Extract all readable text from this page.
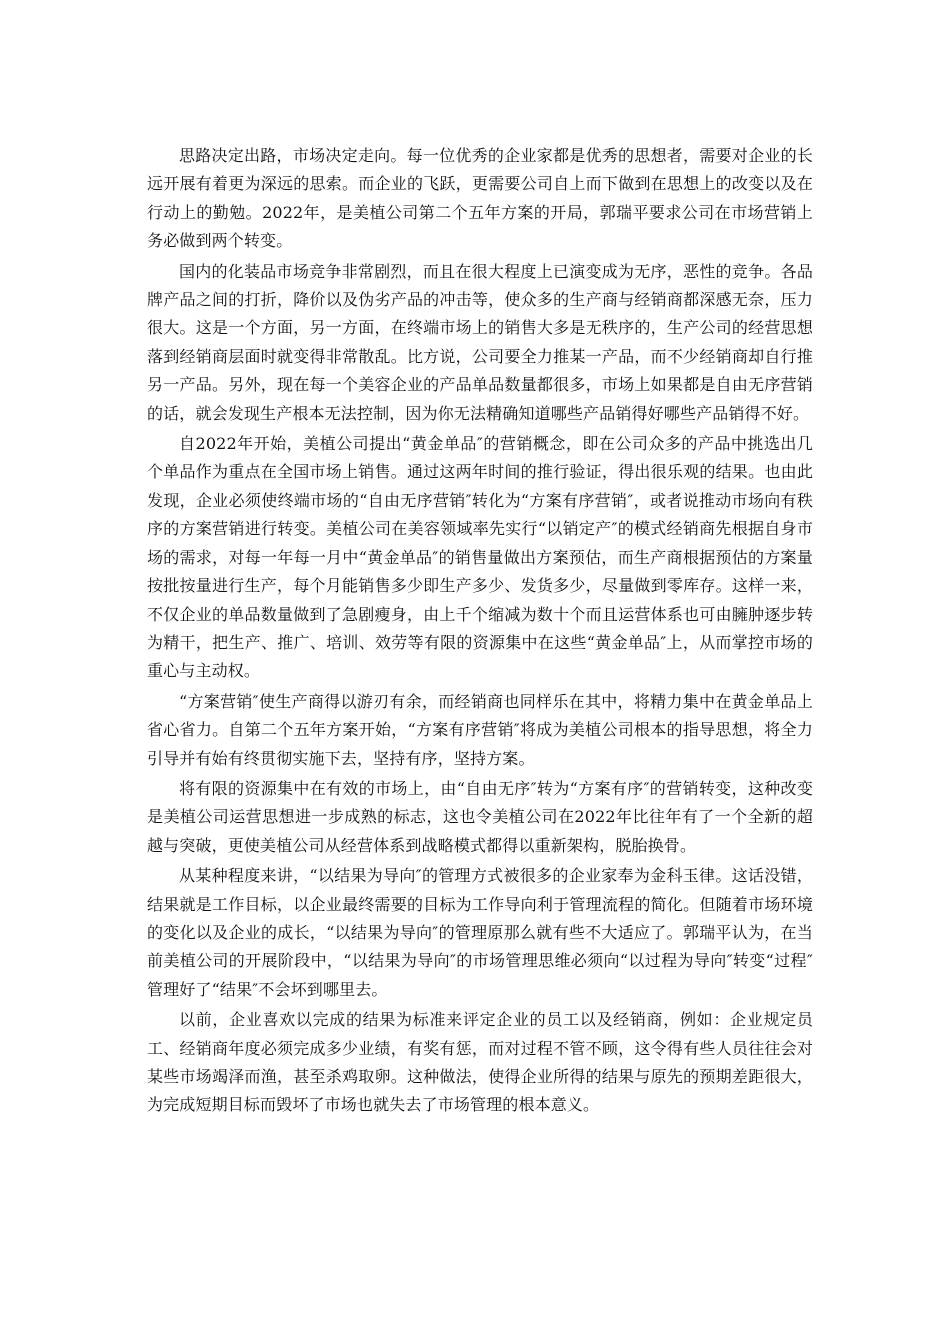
思路决定出路，市场决定走向。每一位优秀的企业家都是优秀的思想者，需要对企业的长远开展有着更为深远的思索。而企业的飞跃，更需要公司自上而下做到在思想上的改变以及在行动上的勤勉。2022年，是美植公司第二个五年方案的开局，郭瑞平要求公司在市场营销上务必做到两个转变。

国内的化装品市场竞争非常剧烈，而且在很大程度上已演变成为无序，恶性的竞争。各品牌产品之间的打折，降价以及伪劣产品的冲击等，使众多的生产商与经销商都深感无奈，压力很大。这是一个方面，另一方面，在终端市场上的销售大多是无秩序的，生产公司的经营思想落到经销商层面时就变得非常散乱。比方说，公司要全力推某一产品，而不少经销商却自行推另一产品。另外，现在每一个美容企业的产品单品数量都很多，市场上如果都是自由无序营销的话，就会发现生产根本无法控制，因为你无法精确知道哪些产品销得好哪些产品销得不好。

自2022年开始，美植公司提出“黄金单品″的营销概念，即在公司众多的产品中挑选出几个单品作为重点在全国市场上销售。通过这两年时间的推行验证，得出很乐观的结果。也由此发现，企业必须使终端市场的“自由无序营销″转化为“方案有序营销″，或者说推动市场向有秩序的方案营销进行转变。美植公司在美容领域率先实行“以销定产″的模式经销商先根据自身市场的需求，对每一年每一月中“黄金单品″的销售量做出方案预估，而生产商根据预估的方案量按批按量进行生产，每个月能销售多少即生产多少、发货多少，尽量做到零库存。这样一来，不仅企业的单品数量做到了急剧瘦身，由上千个缩减为数十个而且运营体系也可由臃肿逐步转为精干，把生产、推广、培训、效劳等有限的资源集中在这些“黄金单品″上，从而掌控市场的重心与主动权。

“方案营销″使生产商得以游刃有余，而经销商也同样乐在其中，将精力集中在黄金单品上省心省力。自第二个五年方案开始，“方案有序营销″将成为美植公司根本的指导思想，将全力引导并有始有终贯彻实施下去，坚持有序，坚持方案。

将有限的资源集中在有效的市场上，由“自由无序″转为“方案有序″的营销转变，这种改变是美植公司运营思想进一步成熟的标志，这也令美植公司在2022年比往年有了一个全新的超越与突破，更使美植公司从经营体系到战略模式都得以重新架构，脱胎换骨。

从某种程度来讲，“以结果为导向″的管理方式被很多的企业家奉为金科玉律。这话没错，结果就是工作目标，以企业最终需要的目标为工作导向利于管理流程的简化。但随着市场环境的变化以及企业的成长，“以结果为导向″的管理原那么就有些不大适应了。郭瑞平认为，在当前美植公司的开展阶段中，“以结果为导向″的市场管理思维必须向“以过程为导向″转变“过程″管理好了“结果″不会坏到哪里去。

以前，企业喜欢以完成的结果为标准来评定企业的员工以及经销商，例如：企业规定员工、经销商年度必须完成多少业绩，有奖有惩，而对过程不管不顾，这令得有些人员往往会对某些市场竭泽而渔，甚至杀鸡取卵。这种做法，使得企业所得的结果与原先的预期差距很大，为完成短期目标而毁坏了市场也就失去了市场管理的根本意义。
